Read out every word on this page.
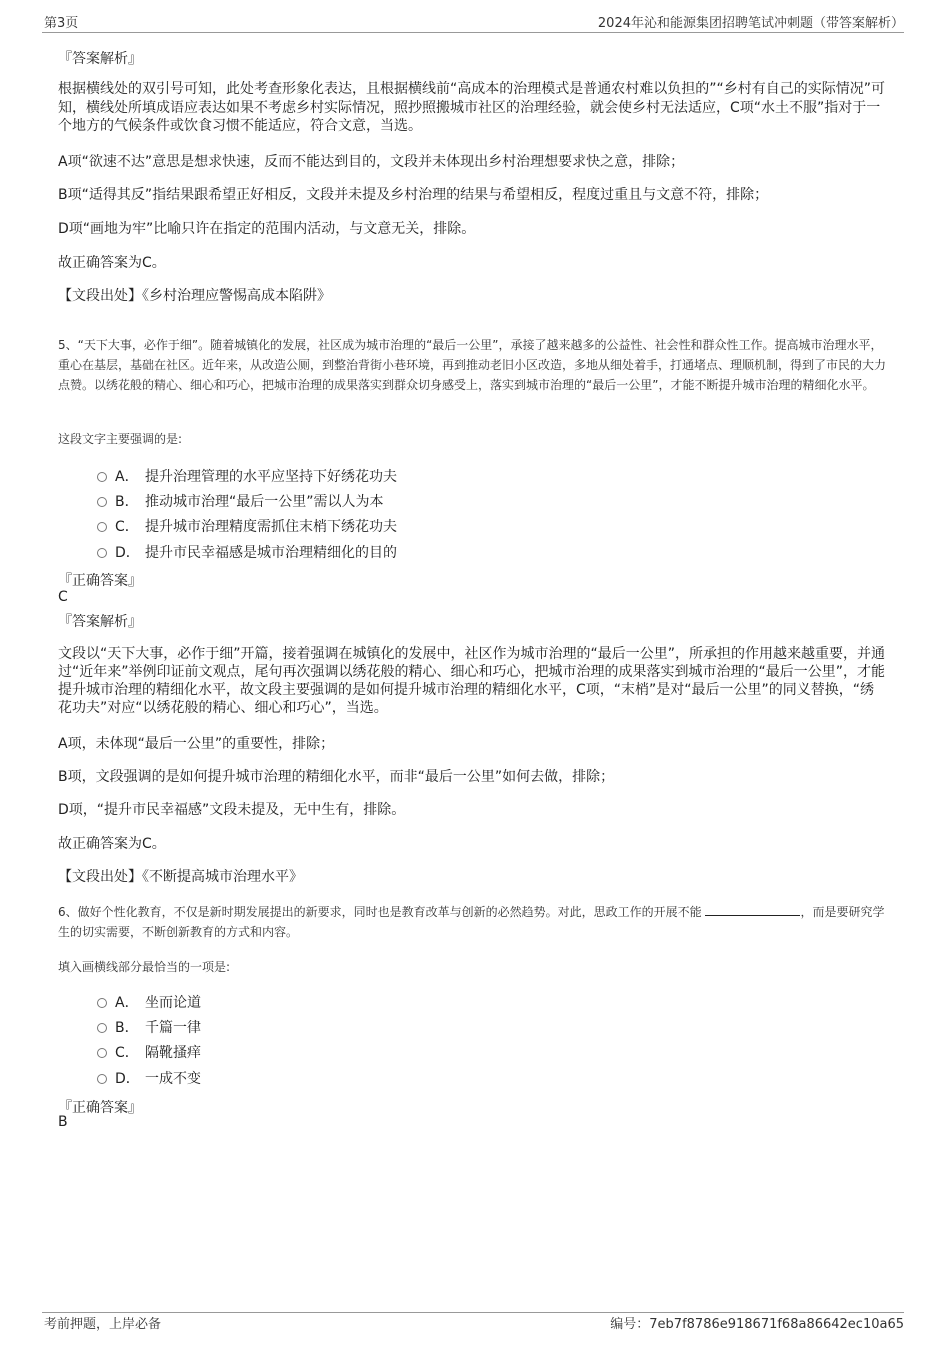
第3页	2024年沁和能源集团招聘笔试冲刺题（带答案解析）
『答案解析』
根据横线处的双引号可知，此处考查形象化表达，且根据横线前“高成本的治理模式是普通农村难以负担的”“乡村有自己的实际情况”可知，横线处所填成语应表达如果不考虑乡村实际情况，照抄照搬城市社区的治理经验，就会使乡村无法适应，C项“水土不服”指对于一个地方的气候条件或饮食习惯不能适应，符合文意，当选。
A项“欲速不达”意思是想求快速，反而不能达到目的，文段并未体现出乡村治理想要求快之意，排除；
B项“适得其反”指结果跟希望正好相反，文段并未提及乡村治理的结果与希望相反，程度过重且与文意不符，排除；
D项“画地为牢”比喻只许在指定的范围内活动，与文意无关，排除。
故正确答案为C。
【文段出处】《乡村治理应警惕高成本陷阱》
5、“天下大事，必作于细”。随着城镇化的发展，社区成为城市治理的“最后一公里”，承接了越来越多的公益性、社会性和群众性工作。提高城市治理水平，重心在基层，基础在社区。近年来，从改造公厕，到整治背街小巷环境，再到推动老旧小区改造，多地从细处着手，打通堵点、理顺机制，得到了市民的大力点赞。以绣花般的精心、细心和巧心，把城市治理的成果落实到群众切身感受上，落实到城市治理的“最后一公里”，才能不断提升城市治理的精细化水平。
这段文字主要强调的是:
A． 提升治理管理的水平应坚持下好绣花功夫
B． 推动城市治理“最后一公里”需以人为本
C． 提升城市治理精度需抓住末梢下绣花功夫
D． 提升市民幸福感是城市治理精细化的目的
『正确答案』
C
『答案解析』
文段以“天下大事，必作于细”开篇，接着强调在城镇化的发展中，社区作为城市治理的“最后一公里”，所承担的作用越来越重要，并通过“近年来”举例印证前文观点，尾句再次强调以绣花般的精心、细心和巧心，把城市治理的成果落实到城市治理的“最后一公里”，才能提升城市治理的精细化水平，故文段主要强调的是如何提升城市治理的精细化水平，C项，“末梢”是对“最后一公里”的同义替换，“绣花功夫”对应“以绣花般的精心、细心和巧心”，当选。
A项，未体现“最后一公里”的重要性，排除；
B项，文段强调的是如何提升城市治理的精细化水平，而非“最后一公里”如何去做，排除；
D项，“提升市民幸福感”文段未提及，无中生有，排除。
故正确答案为C。
【文段出处】《不断提高城市治理水平》
6、做好个性化教育，不仅是新时期发展提出的新要求，同时也是教育改革与创新的必然趋势。对此，思政工作的开展不能	，而是要研究学生的切实需要，不断创新教育的方式和内容。
填入画横线部分最恰当的一项是:
A． 坐而论道
B． 千篇一律
C． 隔靴搔痒
D． 一成不变
『正确答案』
B
考前押题，上岸必备	编号：7eb7f8786e918671f68a86642ec10a65
